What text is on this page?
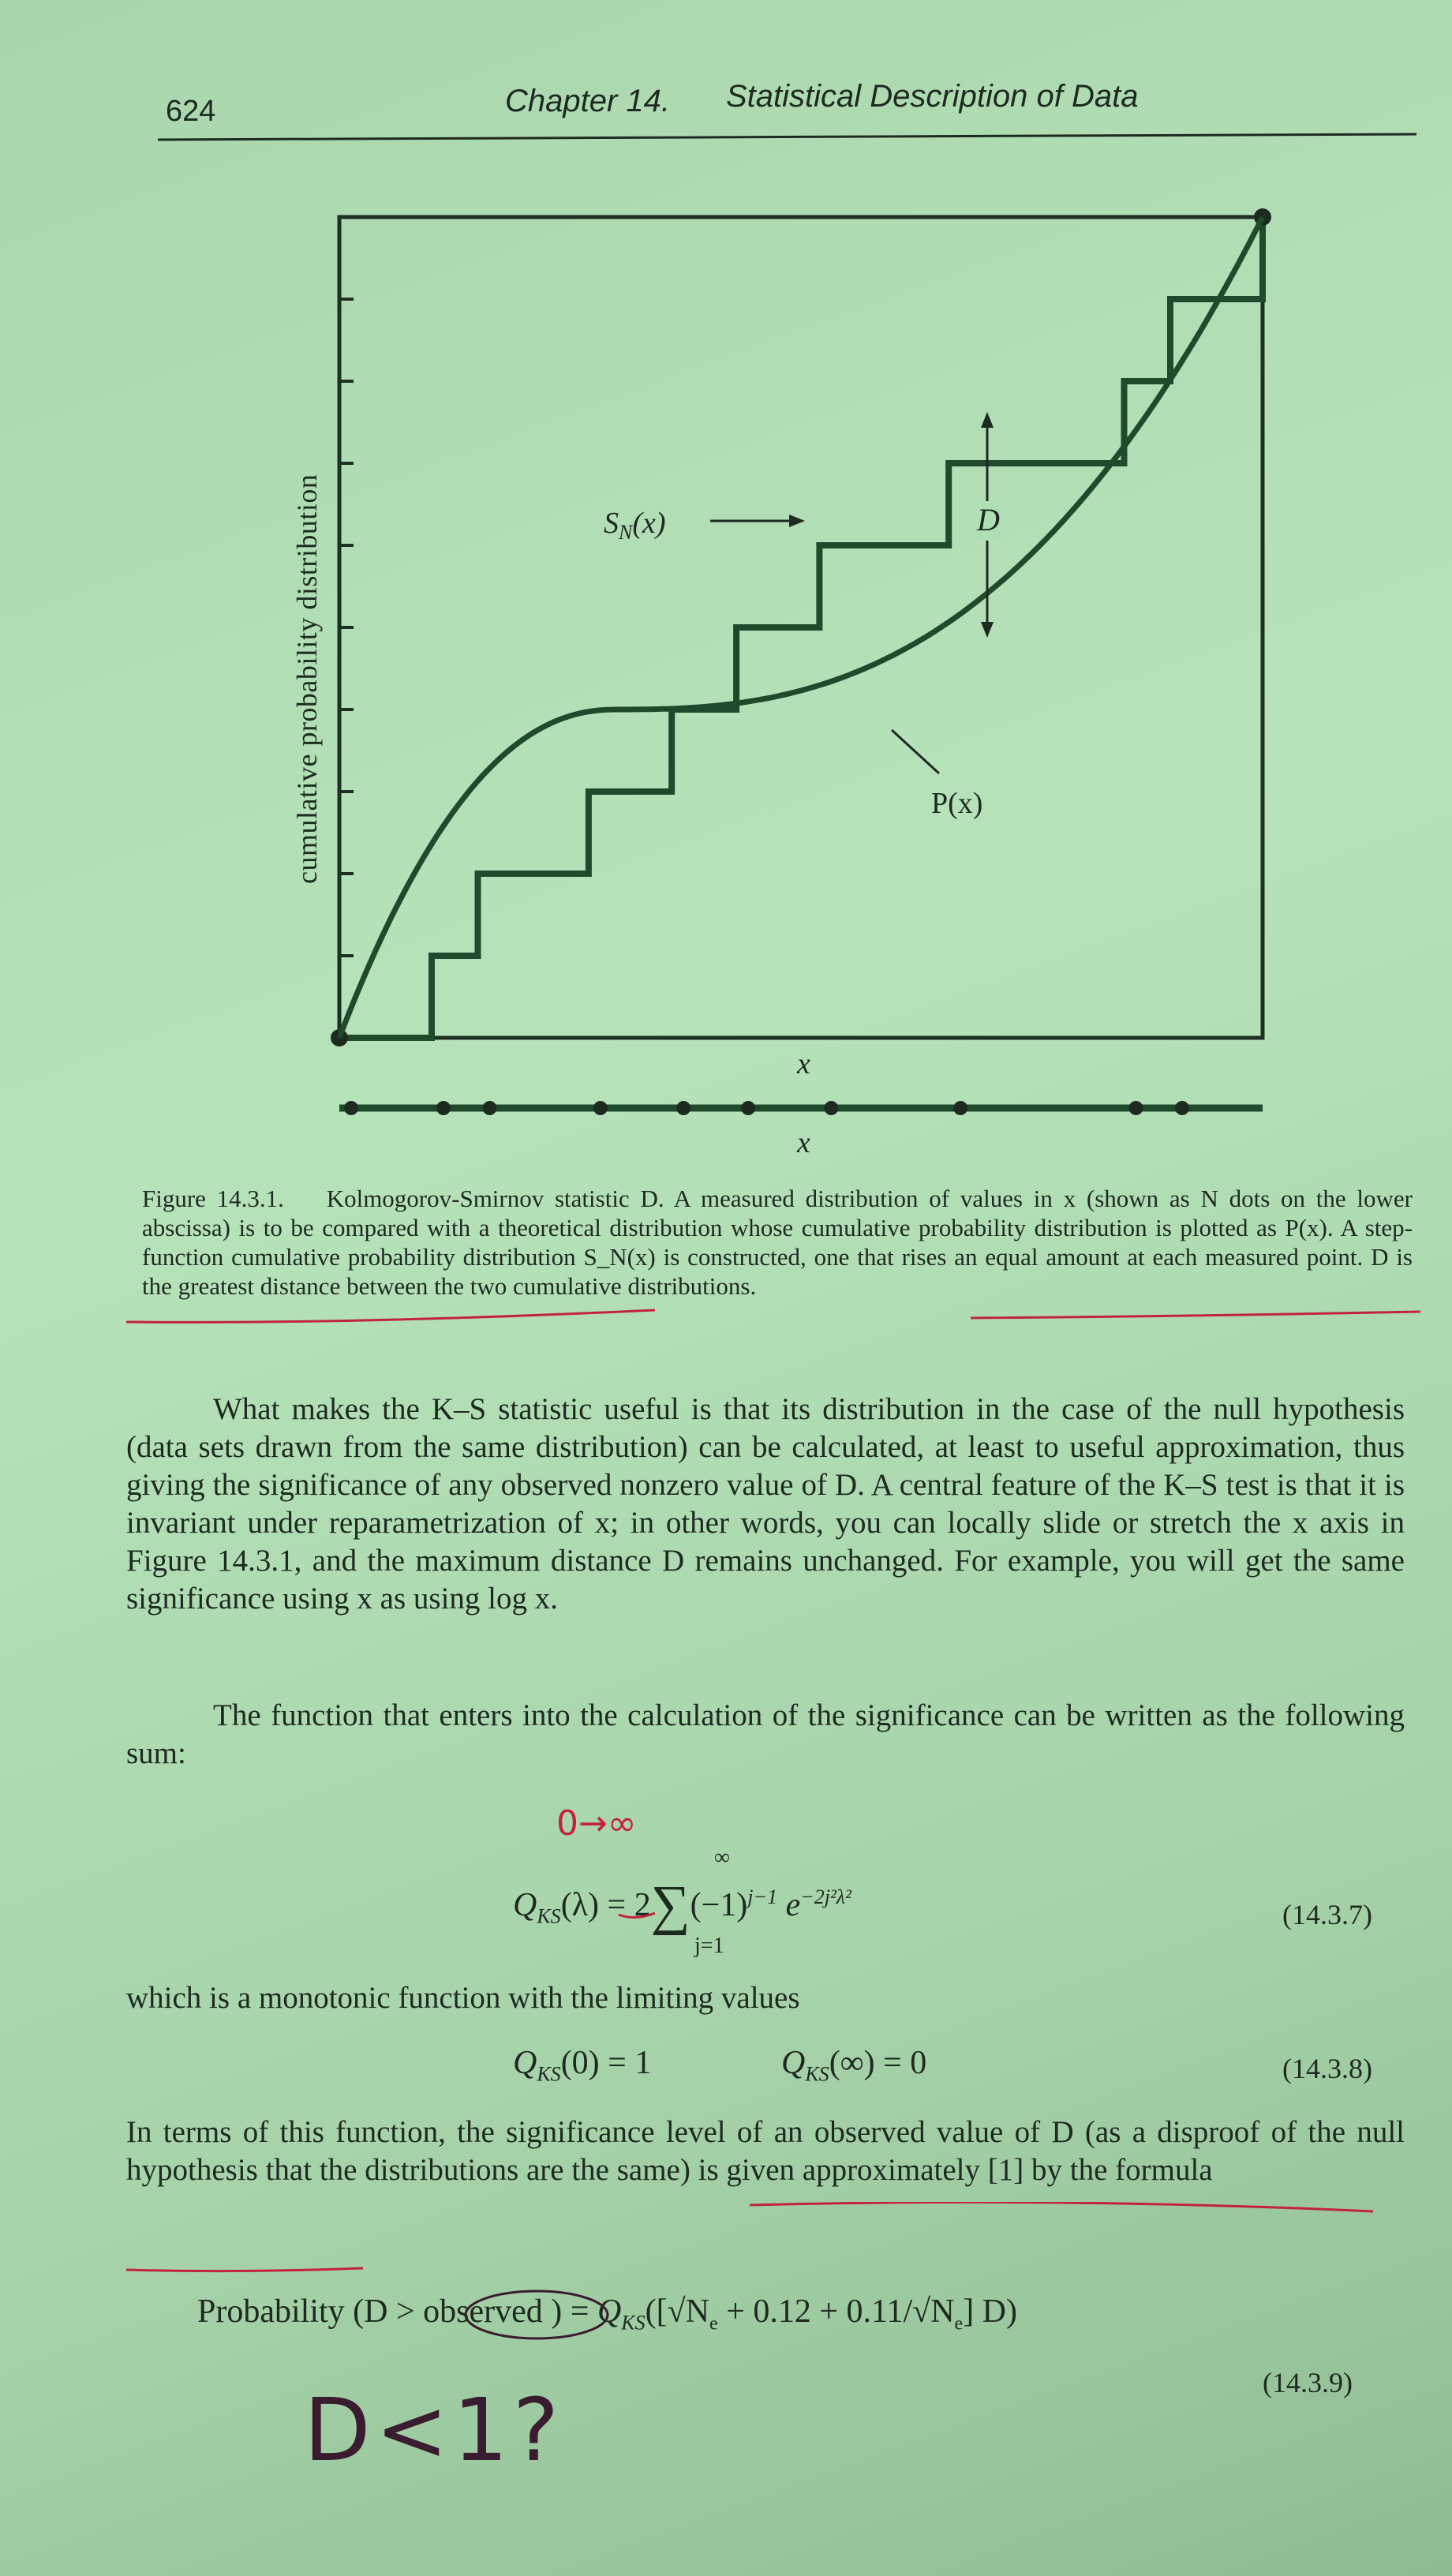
624	Chapter 14. Statistical Description of Data
x
x
$S_N(x)$	D
P(x)
cumulative probability distribution
Figure 14.3.1. Kolmogorov-Smirnov statistic D. A measured distribution of values in x (shown as N dots on the lower abscissa) is to be compared with a theoretical distribution whose cumulative probability distribution is plotted as P(x). A step-function cumulative probability distribution S_N(x) is constructed, one that rises an equal amount at each measured point. D is the greatest distance between the two cumulative distributions.
What makes the K–S statistic useful is that its distribution in the case of the null hypothesis (data sets drawn from the same distribution) can be calculated, at least to useful approximation, thus giving the significance of any observed nonzero value of D. A central feature of the K–S test is that it is invariant under reparametrization of x; in other words, you can locally slide or stretch the x axis in Figure 14.3.1, and the maximum distance D remains unchanged. For example, you will get the same significance using x as using log x.
The function that enters into the calculation of the significance can be written as the following sum:
0→∞
$Q_{KS}(\lambda) = 2\sum(-1)^{j-1}$ $e^{-2j^2\lambda^2}$
∞
j=1
(14.3.7)
which is a monotonic function with the limiting values
$Q_{KS}(0) = 1$	$Q_{KS}(\infty) = 0$	(14.3.8)
In terms of this function, the significance level of an observed value of D (as a disproof of the null hypothesis that the distributions are the same) is given approximately [1] by the formula
Probability (D > observed ) = $Q_{KS}([√N_e + 0.12 + 0.11/√N_e]$ D)
(14.3.9)
D<1?
